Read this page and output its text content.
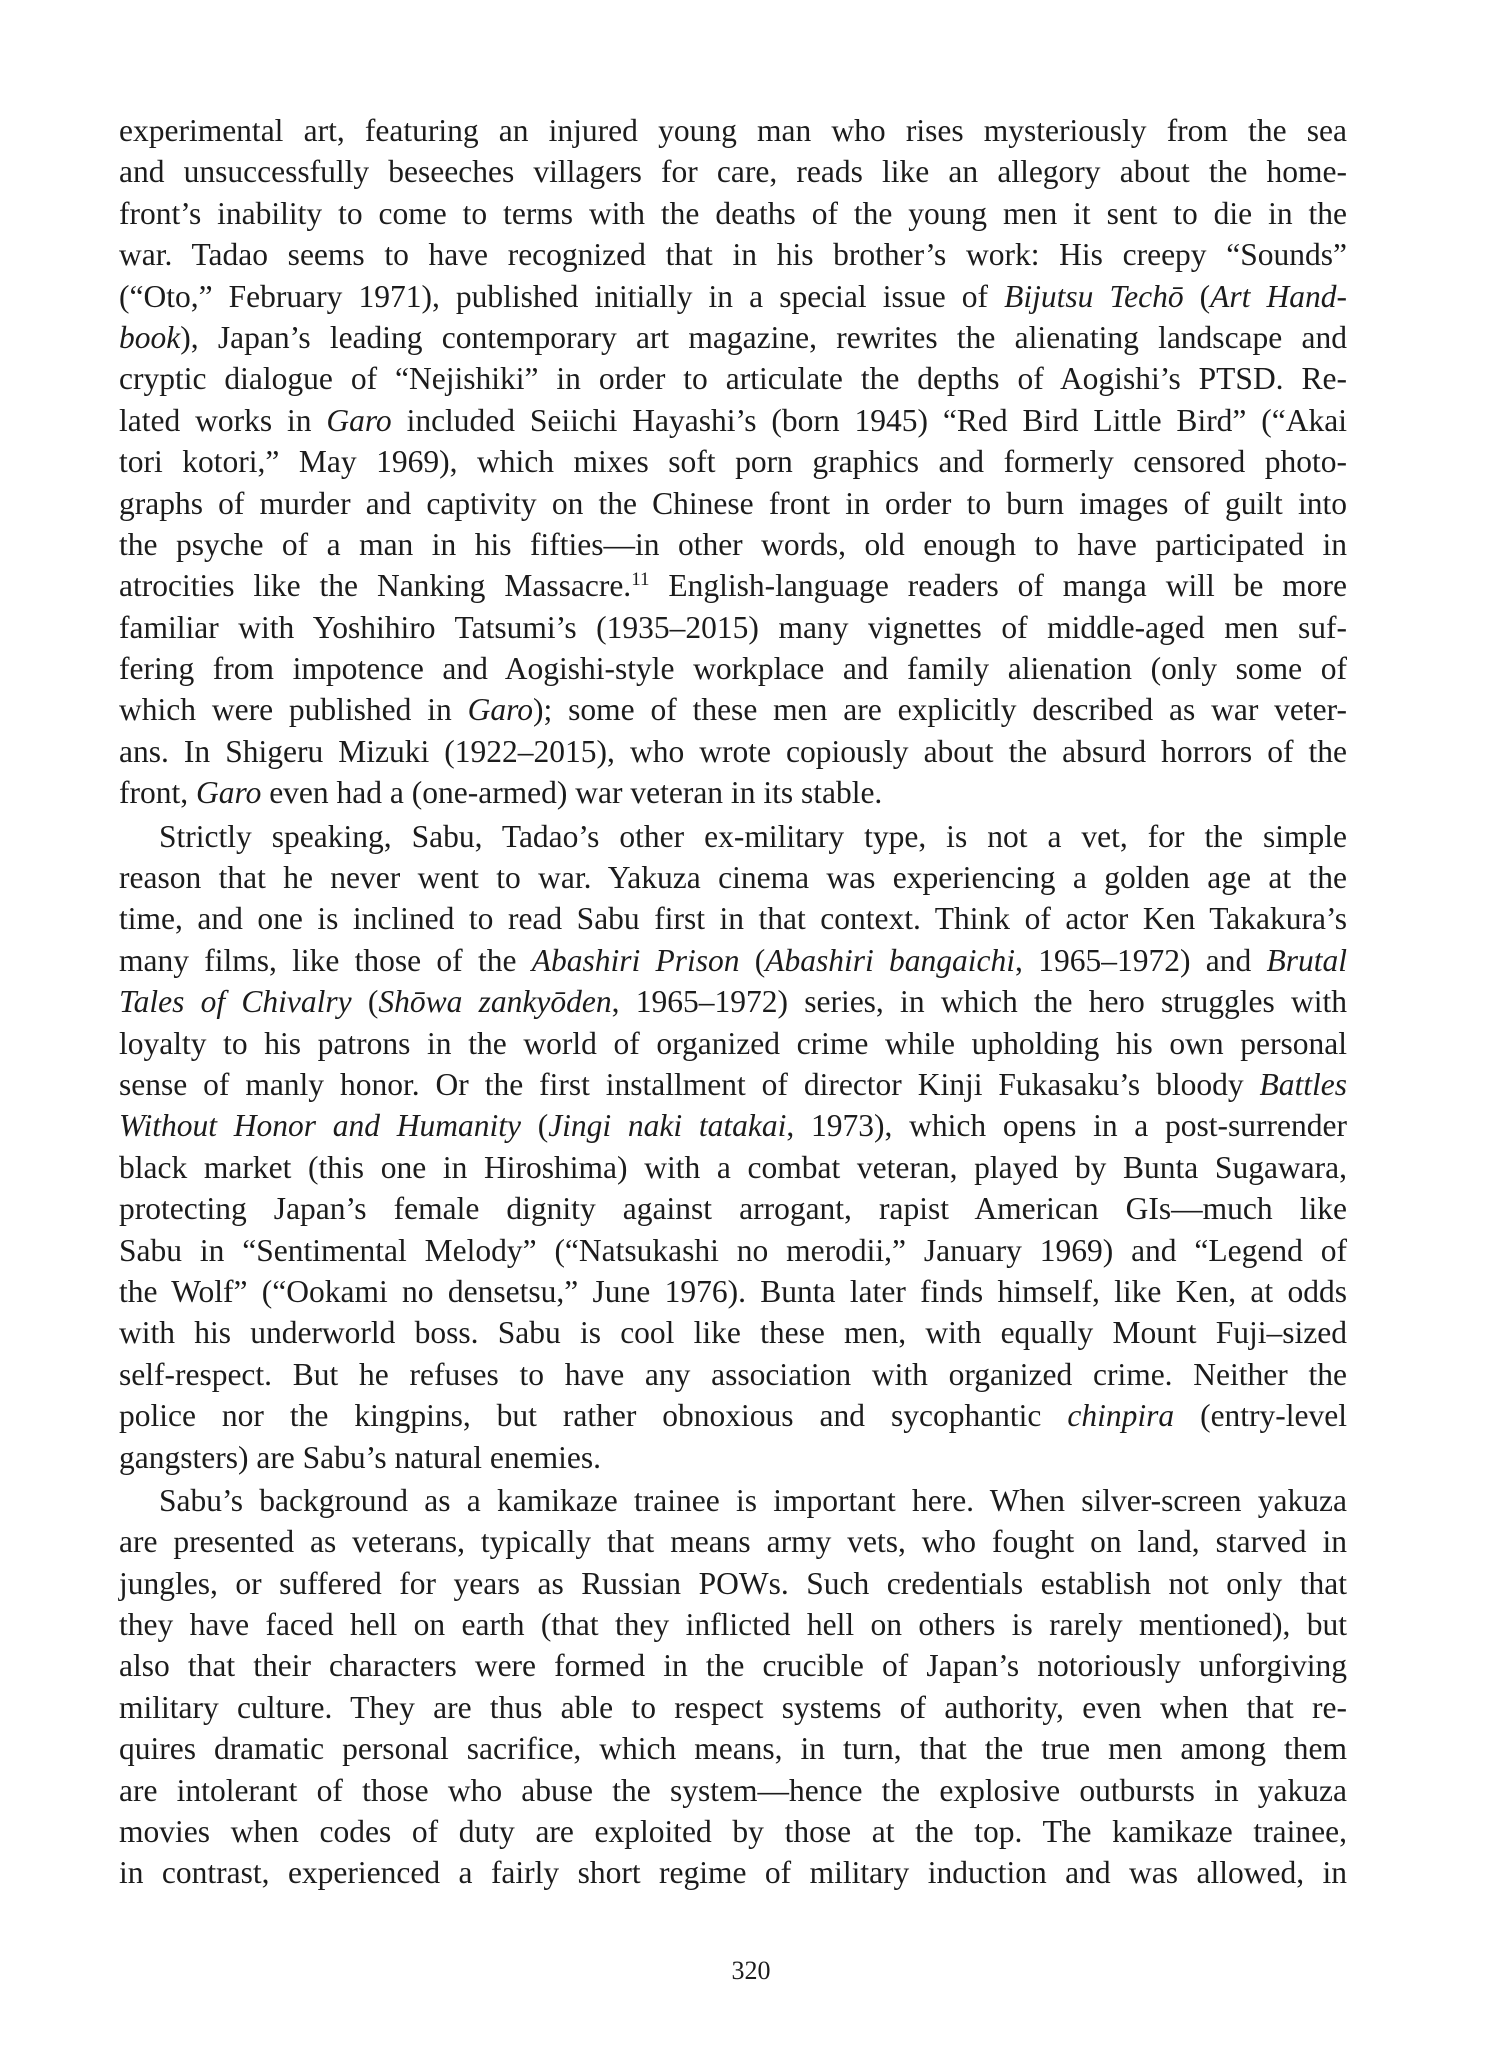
experimental art, featuring an injured young man who rises mysteriously from the sea
and unsuccessfully beseeches villagers for care, reads like an allegory about the home-
front’s inability to come to terms with the deaths of the young men it sent to die in the
war. Tadao seems to have recognized that in his brother’s work: His creepy “Sounds”
(“Oto,” February 1971), published initially in a special issue of Bijutsu Techō (Art Hand-
book), Japan’s leading contemporary art magazine, rewrites the alienating landscape and
cryptic dialogue of “Nejishiki” in order to articulate the depths of Aogishi’s PTSD. Re-
lated works in Garo included Seiichi Hayashi’s (born 1945) “Red Bird Little Bird” (“Akai
tori kotori,” May 1969), which mixes soft porn graphics and formerly censored photo-
graphs of murder and captivity on the Chinese front in order to burn images of guilt into
the psyche of a man in his fifties—in other words, old enough to have participated in
atrocities like the Nanking Massacre.$^{11}$ English-language readers of manga will be more
familiar with Yoshihiro Tatsumi’s (1935–2015) many vignettes of middle-aged men suf-
fering from impotence and Aogishi-style workplace and family alienation (only some of
which were published in Garo); some of these men are explicitly described as war veter-
ans. In Shigeru Mizuki (1922–2015), who wrote copiously about the absurd horrors of the
front, Garo even had a (one-armed) war veteran in its stable.
Strictly speaking, Sabu, Tadao’s other ex-military type, is not a vet, for the simple
reason that he never went to war. Yakuza cinema was experiencing a golden age at the
time, and one is inclined to read Sabu first in that context. Think of actor Ken Takakura’s
many films, like those of the Abashiri Prison (Abashiri bangaichi, 1965–1972) and Brutal
Tales of Chivalry (Shōwa zankyōden, 1965–1972) series, in which the hero struggles with
loyalty to his patrons in the world of organized crime while upholding his own personal
sense of manly honor. Or the first installment of director Kinji Fukasaku’s bloody Battles
Without Honor and Humanity (Jingi naki tatakai, 1973), which opens in a post-surrender
black market (this one in Hiroshima) with a combat veteran, played by Bunta Sugawara,
protecting Japan’s female dignity against arrogant, rapist American GIs—much like
Sabu in “Sentimental Melody” (“Natsukashi no merodii,” January 1969) and “Legend of
the Wolf” (“Ookami no densetsu,” June 1976). Bunta later finds himself, like Ken, at odds
with his underworld boss. Sabu is cool like these men, with equally Mount Fuji–sized
self-respect. But he refuses to have any association with organized crime. Neither the
police nor the kingpins, but rather obnoxious and sycophantic chinpira (entry-level
gangsters) are Sabu’s natural enemies.
Sabu’s background as a kamikaze trainee is important here. When silver-screen yakuza
are presented as veterans, typically that means army vets, who fought on land, starved in
jungles, or suffered for years as Russian POWs. Such credentials establish not only that
they have faced hell on earth (that they inflicted hell on others is rarely mentioned), but
also that their characters were formed in the crucible of Japan’s notoriously unforgiving
military culture. They are thus able to respect systems of authority, even when that re-
quires dramatic personal sacrifice, which means, in turn, that the true men among them
are intolerant of those who abuse the system—hence the explosive outbursts in yakuza
movies when codes of duty are exploited by those at the top. The kamikaze trainee,
in contrast, experienced a fairly short regime of military induction and was allowed, in
320
